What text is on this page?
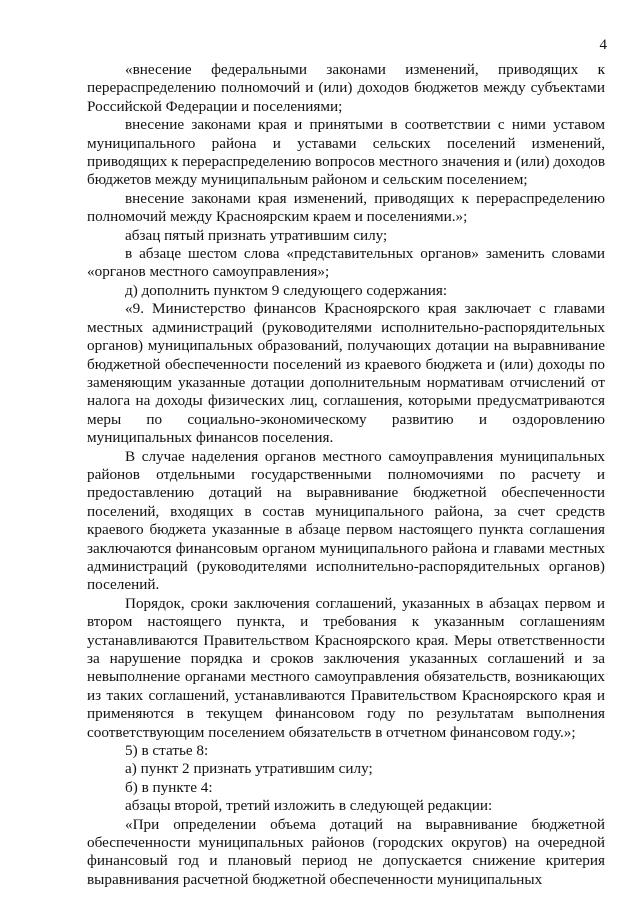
4

«внесение федеральными законами изменений, приводящих к перераспределению полномочий и (или) доходов бюджетов между субъектами Российской Федерации и поселениями;

внесение законами края и принятыми в соответствии с ними уставом муниципального района и уставами сельских поселений изменений, приводящих к перераспределению вопросов местного значения и (или) доходов бюджетов между муниципальным районом и сельским поселением;

внесение законами края изменений, приводящих к перераспределению полномочий между Красноярским краем и поселениями.»;

абзац пятый признать утратившим силу;

в абзаце шестом слова «представительных органов» заменить словами «органов местного самоуправления»;

д) дополнить пунктом 9 следующего содержания:

«9. Министерство финансов Красноярского края заключает с главами местных администраций (руководителями исполнительно-распорядительных органов) муниципальных образований, получающих дотации на выравнивание бюджетной обеспеченности поселений из краевого бюджета и (или) доходы по заменяющим указанные дотации дополнительным нормативам отчислений от налога на доходы физических лиц, соглашения, которыми предусматриваются меры по социально-экономическому развитию и оздоровлению муниципальных финансов поселения.

В случае наделения органов местного самоуправления муниципальных районов отдельными государственными полномочиями по расчету и предоставлению дотаций на выравнивание бюджетной обеспеченности поселений, входящих в состав муниципального района, за счет средств краевого бюджета указанные в абзаце первом настоящего пункта соглашения заключаются финансовым органом муниципального района и главами местных администраций (руководителями исполнительно-распорядительных органов) поселений.

Порядок, сроки заключения соглашений, указанных в абзацах первом и втором настоящего пункта, и требования к указанным соглашениям устанавливаются Правительством Красноярского края. Меры ответственности за нарушение порядка и сроков заключения указанных соглашений и за невыполнение органами местного самоуправления обязательств, возникающих из таких соглашений, устанавливаются Правительством Красноярского края и применяются в текущем финансовом году по результатам выполнения соответствующим поселением обязательств в отчетном финансовом году.»;

5) в статье 8:

а) пункт 2 признать утратившим силу;

б) в пункте 4:

абзацы второй, третий изложить в следующей редакции:

«При определении объема дотаций на выравнивание бюджетной обеспеченности муниципальных районов (городских округов) на очередной финансовый год и плановый период не допускается снижение критерия выравнивания расчетной бюджетной обеспеченности муниципальных
